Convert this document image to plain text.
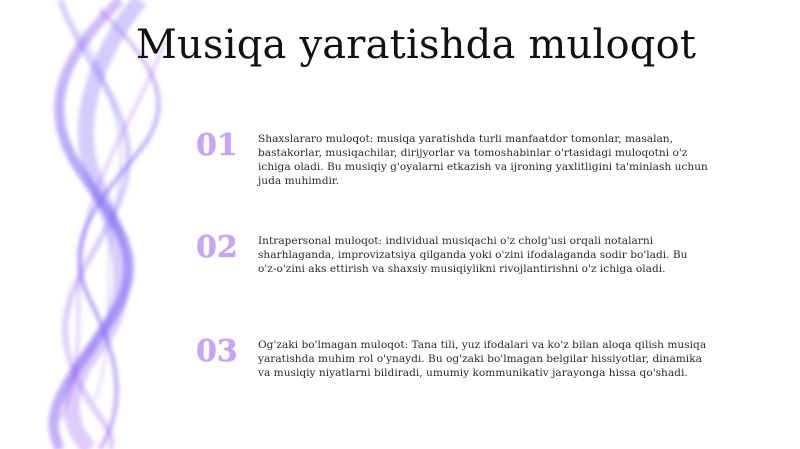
Musiqa yaratishda muloqot
01	Shaxslararo muloqot: musiqa yaratishda turli manfaatdor tomonlar, masalan, bastakorlar, musiqachilar, dirijyorlar va tomoshabinlar o'rtasidagi muloqotni o'z ichiga oladi. Bu musiqiy g'oyalarni etkazish va ijroning yaxlitligini ta'minlash uchun juda muhimdir.

02	Intrapersonal muloqot: individual musiqachi o'z cholg'usi orqali notalarni sharhlaganda, improvizatsiya qilganda yoki o'zini ifodalaganda sodir bo'ladi. Bu o'z-o'zini aks ettirish va shaxsiy musiqiylikni rivojlantirishni o'z ichiga oladi.

03	Og'zaki bo'lmagan muloqot: Tana tili, yuz ifodalari va ko'z bilan aloqa qilish musiqa yaratishda muhim rol o'ynaydi. Bu og'zaki bo'lmagan belgilar hissiyotlar, dinamika va musiqiy niyatlarni bildiradi, umumiy kommunikativ jarayonga hissa qo'shadi.
